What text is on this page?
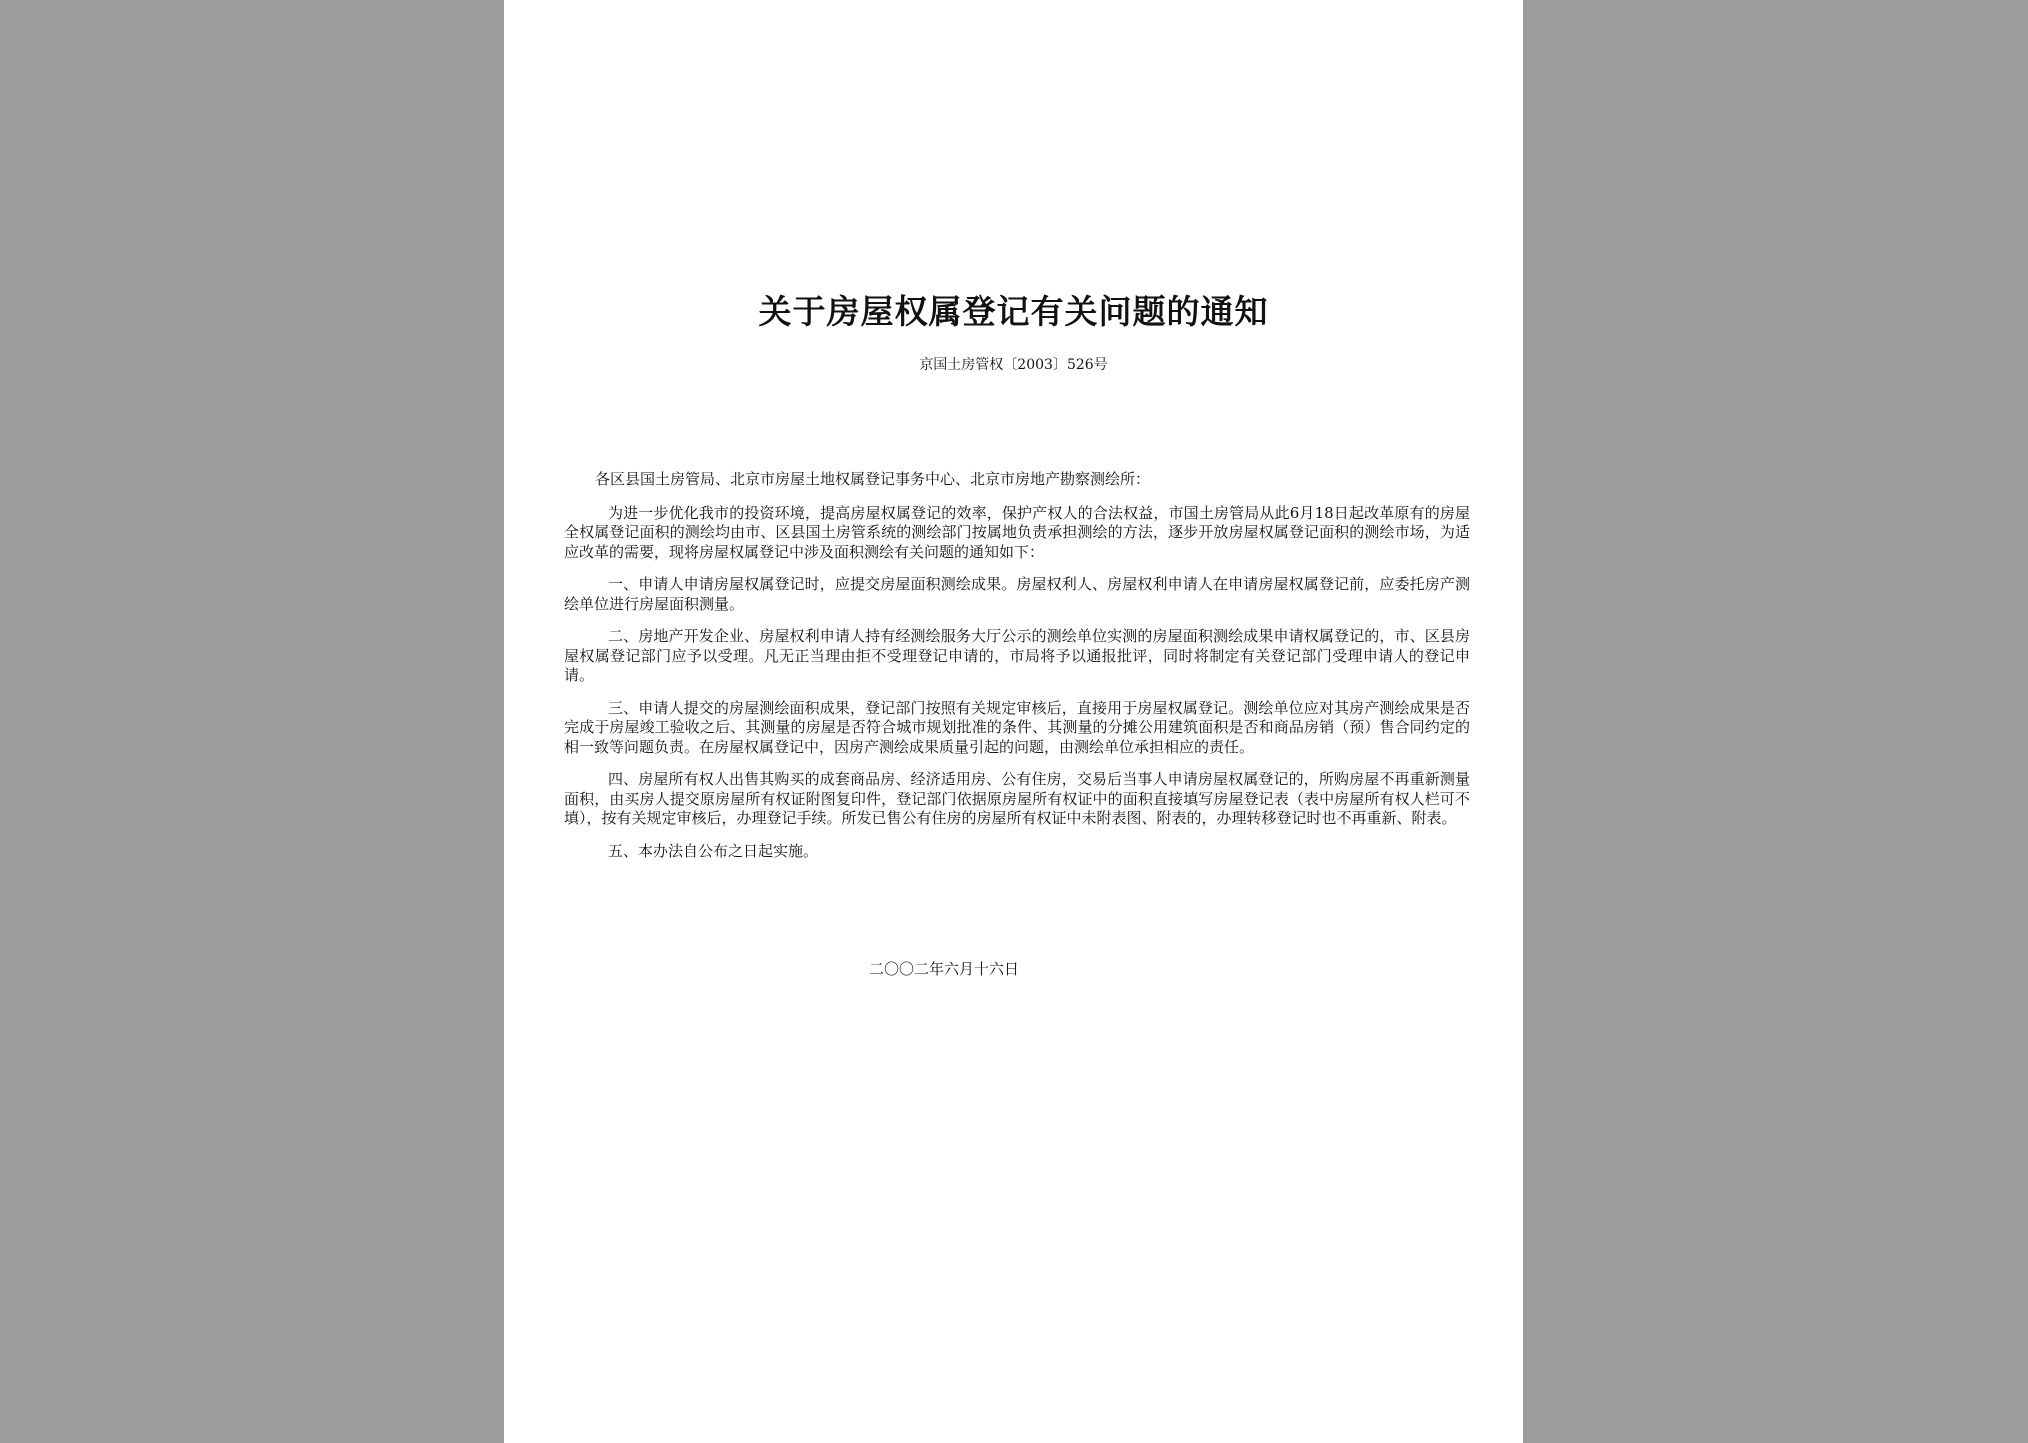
关于房屋权属登记有关问题的通知

京国土房管权〔2003〕526号

各区县国土房管局、北京市房屋土地权属登记事务中心、北京市房地产勘察测绘所：

为进一步优化我市的投资环境，提高房屋权属登记的效率，保护产权人的合法权益，市国土房管局从此6月18日起改革原有的房屋全权属登记面积的测绘均由市、区县国土房管系统的测绘部门按属地负责承担测绘的方法，逐步开放房屋权属登记面积的测绘市场，为适应改革的需要，现将房屋权属登记中涉及面积测绘有关问题的通知如下：

一、申请人申请房屋权属登记时，应提交房屋面积测绘成果。房屋权利人、房屋权利申请人在申请房屋权属登记前，应委托房产测绘单位进行房屋面积测量。

二、房地产开发企业、房屋权利申请人持有经测绘服务大厅公示的测绘单位实测的房屋面积测绘成果申请权属登记的，市、区县房屋权属登记部门应予以受理。凡无正当理由拒不受理登记申请的，市局将予以通报批评，同时将制定有关登记部门受理申请人的登记申请。

三、申请人提交的房屋测绘面积成果，登记部门按照有关规定审核后，直接用于房屋权属登记。测绘单位应对其房产测绘成果是否完成于房屋竣工验收之后、其测量的房屋是否符合城市规划批准的条件、其测量的分摊公用建筑面积是否和商品房销（预）售合同约定的相一致等问题负责。在房屋权属登记中，因房产测绘成果质量引起的问题，由测绘单位承担相应的责任。

四、房屋所有权人出售其购买的成套商品房、经济适用房、公有住房，交易后当事人申请房屋权属登记的，所购房屋不再重新测量面积，由买房人提交原房屋所有权证附图复印件，登记部门依据原房屋所有权证中的面积直接填写房屋登记表（表中房屋所有权人栏可不填），按有关规定审核后，办理登记手续。所发已售公有住房的房屋所有权证中未附表图、附表的，办理转移登记时也不再重新、附表。

五、本办法自公布之日起实施。

二〇〇二年六月十六日
